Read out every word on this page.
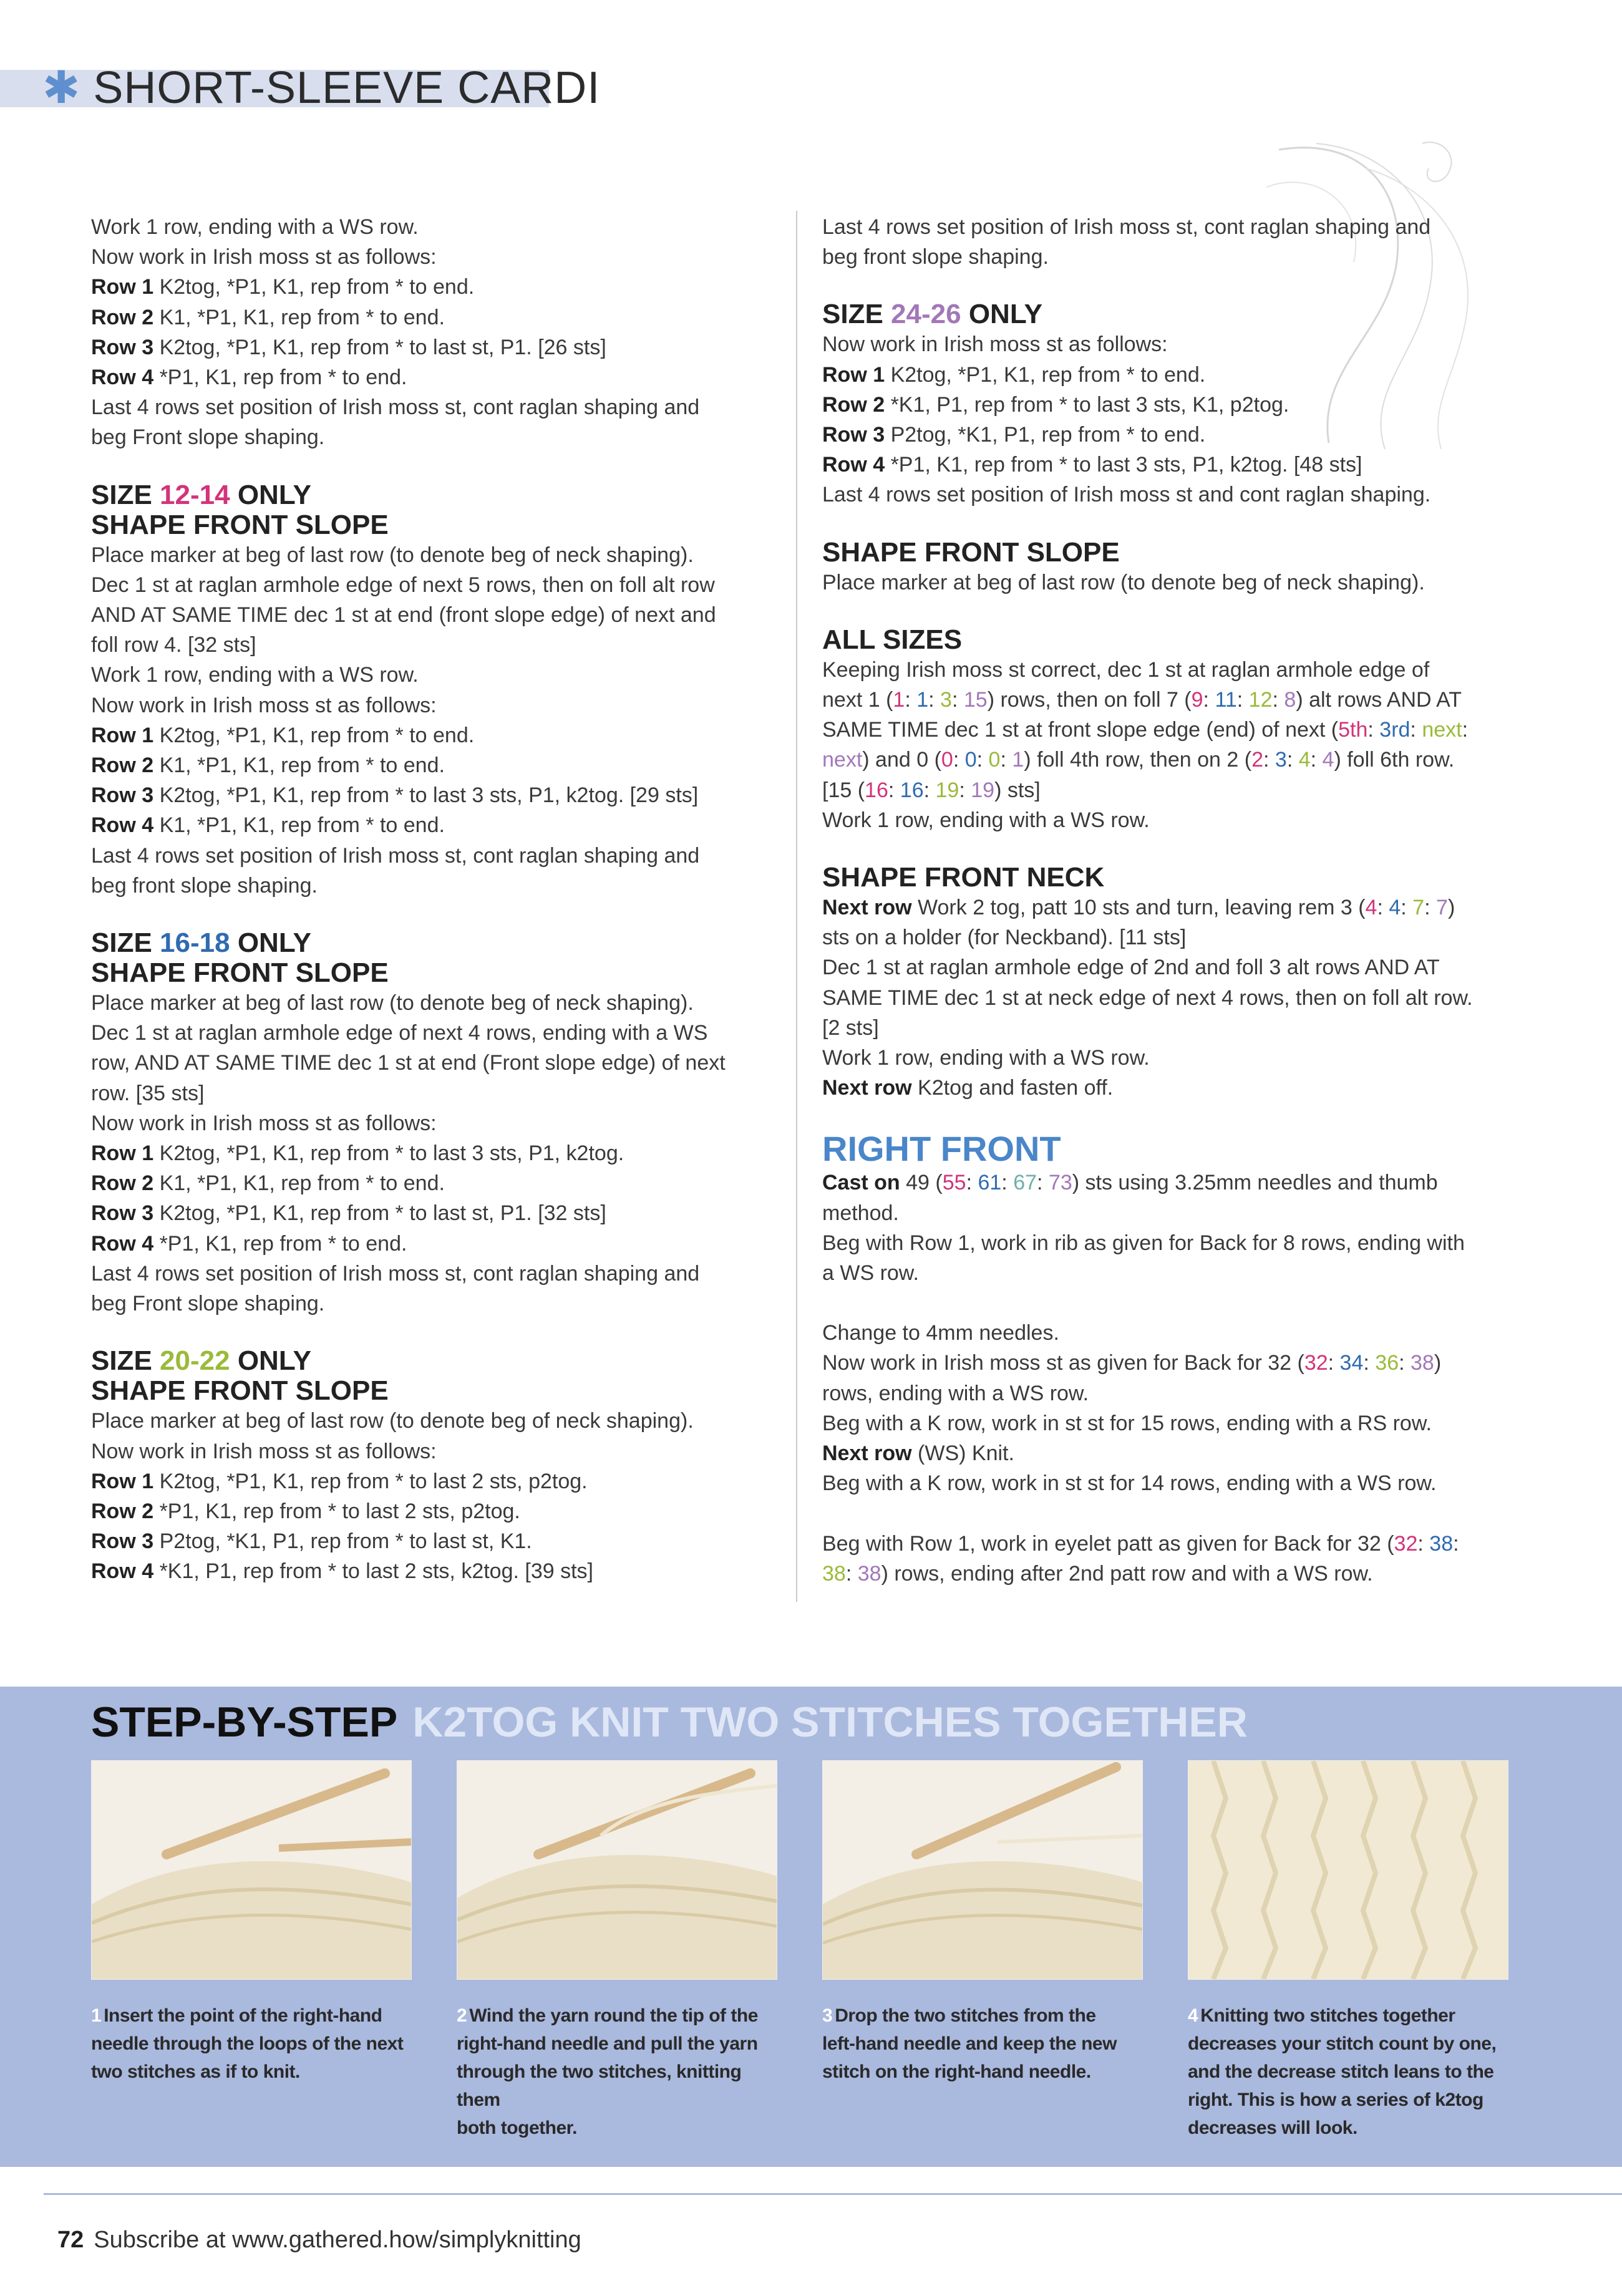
✱ SHORT-SLEEVE CARDI

Work 1 row, ending with a WS row.

Now work in Irish moss st as follows:

Row 1 K2tog, *P1, K1, rep from * to end.

Row 2 K1, *P1, K1, rep from * to end.

Row 3 K2tog, *P1, K1, rep from * to last st, P1. [26 sts]

Row 4 *P1, K1, rep from * to end.

Last 4 rows set position of Irish moss st, cont raglan shaping and

beg Front slope shaping.

SIZE 12-14 ONLY
SHAPE FRONT SLOPE

Place marker at beg of last row (to denote beg of neck shaping).

Dec 1 st at raglan armhole edge of next 5 rows, then on foll alt row

AND AT SAME TIME dec 1 st at end (front slope edge) of next and

foll row 4. [32 sts]

Work 1 row, ending with a WS row.

Now work in Irish moss st as follows:

Row 1 K2tog, *P1, K1, rep from * to end.

Row 2 K1, *P1, K1, rep from * to end.

Row 3 K2tog, *P1, K1, rep from * to last 3 sts, P1, k2tog. [29 sts]

Row 4 K1, *P1, K1, rep from * to end.

Last 4 rows set position of Irish moss st, cont raglan shaping and

beg front slope shaping.

SIZE 16-18 ONLY
SHAPE FRONT SLOPE

Place marker at beg of last row (to denote beg of neck shaping).

Dec 1 st at raglan armhole edge of next 4 rows, ending with a WS

row, AND AT SAME TIME dec 1 st at end (Front slope edge) of next

row. [35 sts]

Now work in Irish moss st as follows:

Row 1 K2tog, *P1, K1, rep from * to last 3 sts, P1, k2tog.

Row 2 K1, *P1, K1, rep from * to end.

Row 3 K2tog, *P1, K1, rep from * to last st, P1. [32 sts]

Row 4 *P1, K1, rep from * to end.

Last 4 rows set position of Irish moss st, cont raglan shaping and

beg Front slope shaping.

SIZE 20-22 ONLY
SHAPE FRONT SLOPE

Place marker at beg of last row (to denote beg of neck shaping).

Now work in Irish moss st as follows:

Row 1 K2tog, *P1, K1, rep from * to last 2 sts, p2tog.

Row 2 *P1, K1, rep from * to last 2 sts, p2tog.

Row 3 P2tog, *K1, P1, rep from * to last st, K1.

Row 4 *K1, P1, rep from * to last 2 sts, k2tog. [39 sts]

Last 4 rows set position of Irish moss st, cont raglan shaping and

beg front slope shaping.

SIZE 24-26 ONLY

Now work in Irish moss st as follows:

Row 1 K2tog, *P1, K1, rep from * to end.

Row 2 *K1, P1, rep from * to last 3 sts, K1, p2tog.

Row 3 P2tog, *K1, P1, rep from * to end.

Row 4 *P1, K1, rep from * to last 3 sts, P1, k2tog. [48 sts]

Last 4 rows set position of Irish moss st and cont raglan shaping.

SHAPE FRONT SLOPE

Place marker at beg of last row (to denote beg of neck shaping).

ALL SIZES

Keeping Irish moss st correct, dec 1 st at raglan armhole edge of

next 1 (1: 1: 3: 15) rows, then on foll 7 (9: 11: 12: 8) alt rows AND AT

SAME TIME dec 1 st at front slope edge (end) of next (5th: 3rd: next:

next) and 0 (0: 0: 0: 1) foll 4th row, then on 2 (2: 3: 4: 4) foll 6th row.

[15 (16: 16: 19: 19) sts]

Work 1 row, ending with a WS row.

SHAPE FRONT NECK

Next row Work 2 tog, patt 10 sts and turn, leaving rem 3 (4: 4: 7: 7)

sts on a holder (for Neckband). [11 sts]

Dec 1 st at raglan armhole edge of 2nd and foll 3 alt rows AND AT

SAME TIME dec 1 st at neck edge of next 4 rows, then on foll alt row.

[2 sts]

Work 1 row, ending with a WS row.

Next row K2tog and fasten off.

RIGHT FRONT

Cast on 49 (55: 61: 67: 73) sts using 3.25mm needles and thumb

method.

Beg with Row 1, work in rib as given for Back for 8 rows, ending with

a WS row.

Change to 4mm needles.

Now work in Irish moss st as given for Back for 32 (32: 34: 36: 38)

rows, ending with a WS row.

Beg with a K row, work in st st for 15 rows, ending with a RS row.

Next row (WS) Knit.

Beg with a K row, work in st st for 14 rows, ending with a WS row.

Beg with Row 1, work in eyelet patt as given for Back for 32 (32: 38:

38: 38) rows, ending after 2nd patt row and with a WS row.

STEP-BY-STEP K2TOG KNIT TWO STITCHES TOGETHER
1 Insert the point of the right-hand
needle through the loops of the next
two stitches as if to knit.
2 Wind the yarn round the tip of the
right-hand needle and pull the yarn
through the two stitches, knitting them
both together.
3 Drop the two stitches from the
left-hand needle and keep the new
stitch on the right-hand needle.
4 Knitting two stitches together
decreases your stitch count by one,
and the decrease stitch leans to the
right. This is how a series of k2tog
decreases will look.
72 Subscribe at www.gathered.how/simplyknitting
